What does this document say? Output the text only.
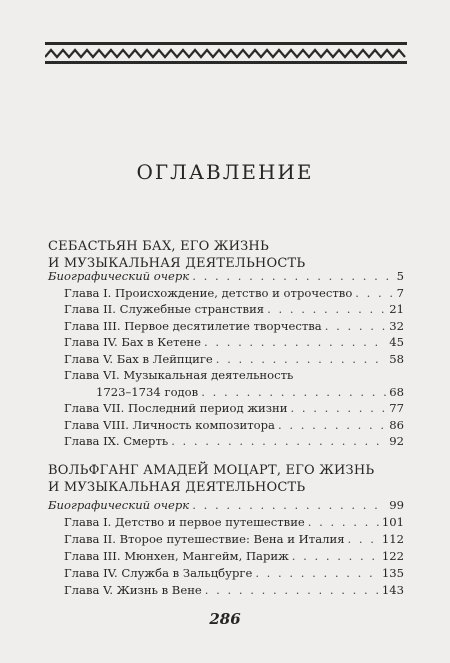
ОГЛАВЛЕНИЕ
СЕБАСТЬЯН БАХ, ЕГО ЖИЗНЬ
И МУЗЫКАЛЬНАЯ ДЕЯТЕЛЬНОСТЬ
Биографический очерк . . .	5
Глава I. Происхождение, детство и отрочество . . .	7
Глава II. Служебные странствия . . .	21
Глава III. Первое десятилетие творчества . . .	32
Глава IV. Бах в Кетене . . .	45
Глава V. Бах в Лейпциге . . .	58
Глава VI. Музыкальная деятельность
1723–1734 годов . . .	68
Глава VII. Последний период жизни . . .	77
Глава VIII. Личность композитора . . .	86
Глава IX. Смерть . . .	92
ВОЛЬФГАНГ АМАДЕЙ МОЦАРТ, ЕГО ЖИЗНЬ
И МУЗЫКАЛЬНАЯ ДЕЯТЕЛЬНОСТЬ
Биографический очерк . . .	99
Глава I. Детство и первое путешествие . . .	101
Глава II. Второе путешествие: Вена и Италия . . .	112
Глава III. Мюнхен, Мангейм, Париж . . .	122
Глава IV. Служба в Зальцбурге . . .	135
Глава V. Жизнь в Вене . . .	143
286
